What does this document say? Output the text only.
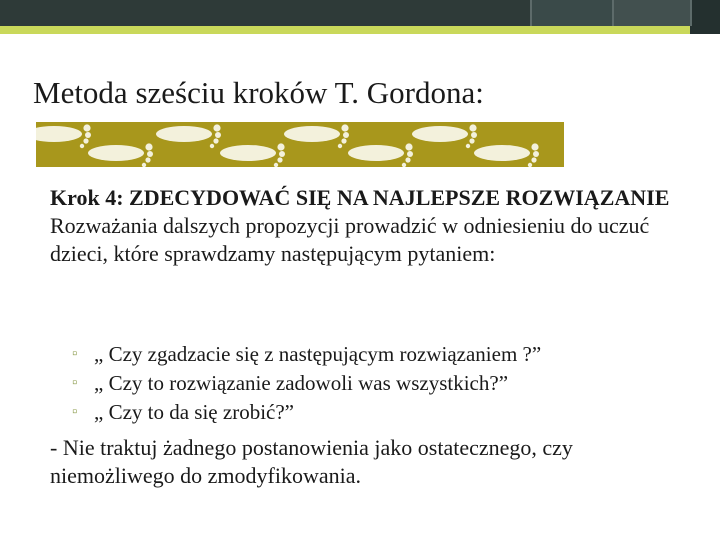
Metoda sześciu kroków T. Gordona:
Krok 4: ZDECYDOWAĆ SIĘ NA NAJLEPSZE ROZWIĄZANIE
Rozważania dalszych propozycji prowadzić w odniesieniu do uczuć dzieci, które sprawdzamy następującym pytaniem:
▫ „ Czy zgadzacie się z następującym rozwiązaniem ?”
▫ „ Czy to rozwiązanie zadowoli was wszystkich?”
▫ „ Czy to da się zrobić?”
- Nie traktuj żadnego postanowienia jako ostatecznego, czy niemożliwego do zmodyfikowania.
